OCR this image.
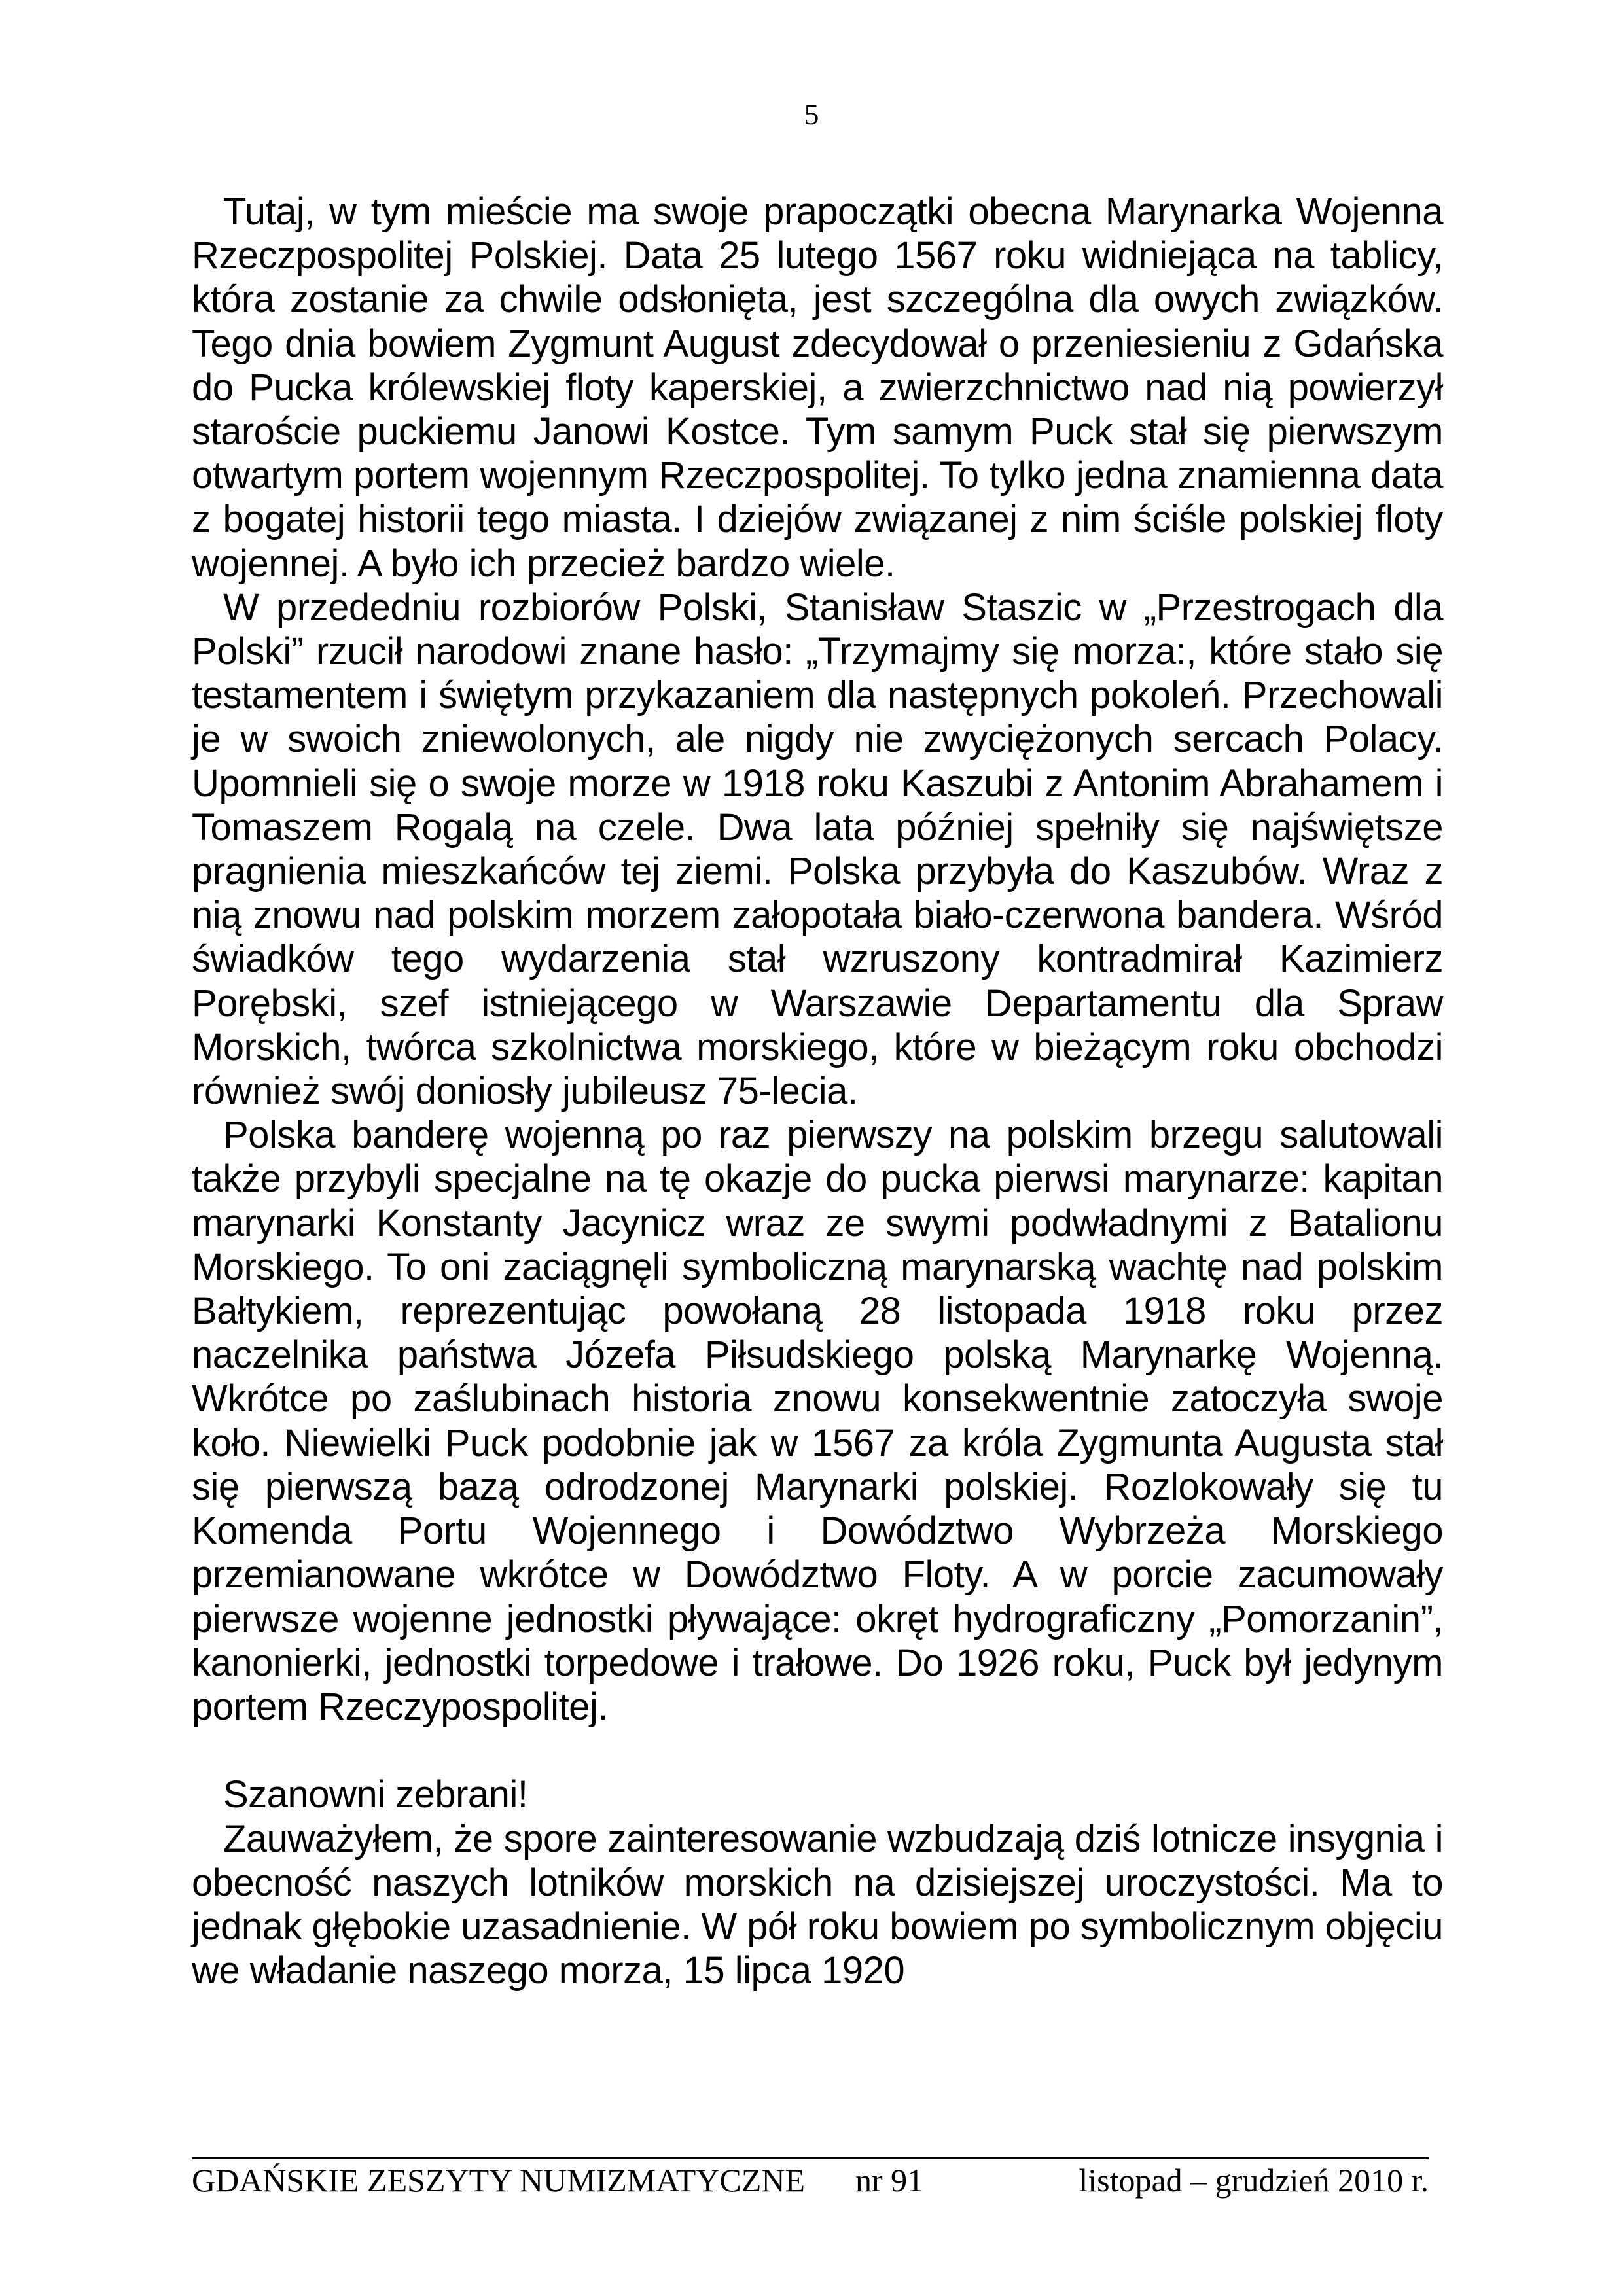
5

Tutaj, w tym mieście ma swoje prapoczątki obecna Marynarka Wojenna Rzeczpospolitej Polskiej. Data 25 lutego 1567 roku widniejąca na tablicy, która zostanie za chwile odsłonięta, jest szczególna dla owych związków. Tego dnia bowiem Zygmunt August zdecydował o przeniesieniu z Gdańska do Pucka królewskiej floty kaperskiej, a zwierzchnictwo nad nią powierzył staroście puckiemu Janowi Kostce. Tym samym Puck stał się pierwszym otwartym portem wojennym Rzeczpospolitej. To tylko jedna znamienna data z bogatej historii tego miasta. I dziejów związanej z nim ściśle polskiej floty wojennej. A było ich przecież bardzo wiele.

W przededniu rozbiorów Polski, Stanisław Staszic w „Przestrogach dla Polski” rzucił narodowi znane hasło: „Trzymajmy się morza:, które stało się testamentem i świętym przykazaniem dla następnych pokoleń. Przechowali je w swoich zniewolonych, ale nigdy nie zwyciężonych sercach Polacy. Upomnieli się o swoje morze w 1918 roku Kaszubi z Antonim Abrahamem i Tomaszem Rogalą na czele. Dwa lata później spełniły się najświętsze pragnienia mieszkańców tej ziemi. Polska przybyła do Kaszubów. Wraz z nią znowu nad polskim morzem załopotała biało-czerwona bandera. Wśród świadków tego wydarzenia stał wzruszony kontradmirał Kazimierz Porębski, szef istniejącego w Warszawie Departamentu dla Spraw Morskich, twórca szkolnictwa morskiego, które w bieżącym roku obchodzi również swój doniosły jubileusz 75-lecia.

Polska banderę wojenną po raz pierwszy na polskim brzegu salutowali także przybyli specjalne na tę okazje do pucka pierwsi marynarze: kapitan marynarki Konstanty Jacynicz wraz ze swymi podwładnymi z Batalionu Morskiego. To oni zaciągnęli symboliczną marynarską wachtę nad polskim Bałtykiem, reprezentując powołaną 28 listopada 1918 roku przez naczelnika państwa Józefa Piłsudskiego polską Marynarkę Wojenną. Wkrótce po zaślubinach historia znowu konsekwentnie zatoczyła swoje koło. Niewielki Puck podobnie jak w 1567 za króla Zygmunta Augusta stał się pierwszą bazą odrodzonej Marynarki polskiej. Rozlokowały się tu Komenda Portu Wojennego i Dowództwo Wybrzeża Morskiego przemianowane wkrótce w Dowództwo Floty. A w porcie zacumowały pierwsze wojenne jednostki pływające: okręt hydrograficzny „Pomorzanin”, kanonierki, jednostki torpedowe i trałowe. Do 1926 roku, Puck był jedynym portem Rzeczypospolitej.

Szanowni zebrani!

Zauważyłem, że spore zainteresowanie wzbudzają dziś lotnicze insygnia i obecność naszych lotników morskich na dzisiejszej uroczystości. Ma to jednak głębokie uzasadnienie. W pół roku bowiem po symbolicznym objęciu we władanie naszego morza, 15 lipca 1920

GDAŃSKIE ZESZYTY NUMIZMATYCZNE nr 91	listopad – grudzień 2010 r.
